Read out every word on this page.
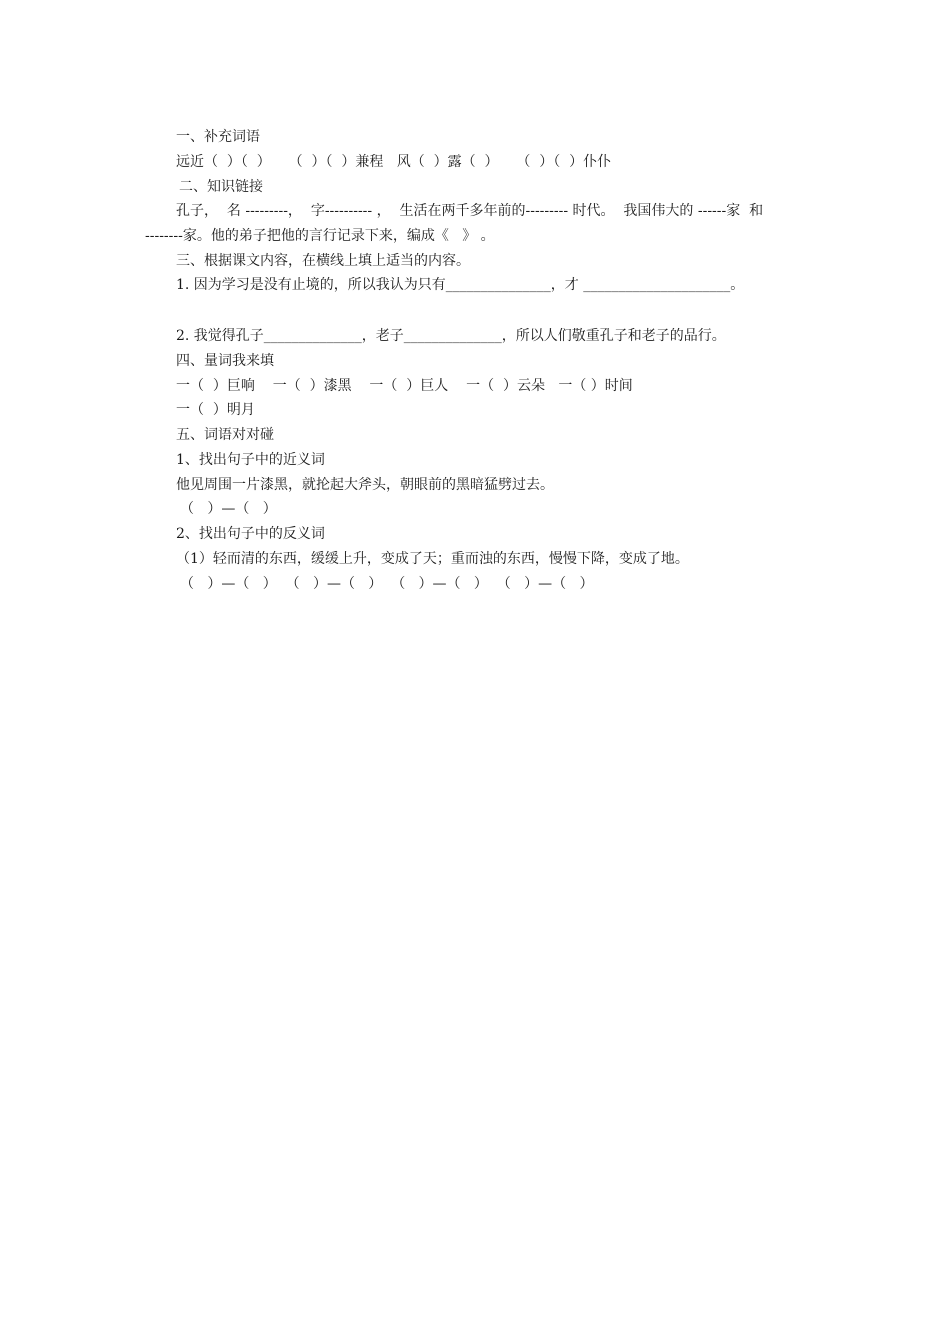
一、补充词语
远近（  ）（  ）    （  ）（  ）兼程   风（  ）露（  ）    （  ）（  ）仆仆
二、知识链接
孔子，  名 ---------，  字---------- ，  生活在两千多年前的--------- 时代。  我国伟大的 ------家  和
--------家。他的弟子把他的言行记录下来，编成《   》 。
三、根据课文内容，在横线上填上适当的内容。
1. 因为学习是没有止境的，所以我认为只有_______________，才 _____________________。
2. 我觉得孔子______________，老子______________，所以人们敬重孔子和老子的品行。
四、量词我来填
一（  ）巨响    一（  ）漆黑    一（  ）巨人    一（  ）云朵   一（ ）时间
一（  ）明月
五、词语对对碰
1、找出句子中的近义词
他见周围一片漆黑，就抡起大斧头，朝眼前的黑暗猛劈过去。
（   ）—（   ）
2、找出句子中的反义词
（1）轻而清的东西，缓缓上升，变成了天；重而浊的东西，慢慢下降，变成了地。
（   ）—（   ）  （   ）—（   ）  （   ）—（   ）  （   ）—（   ）
